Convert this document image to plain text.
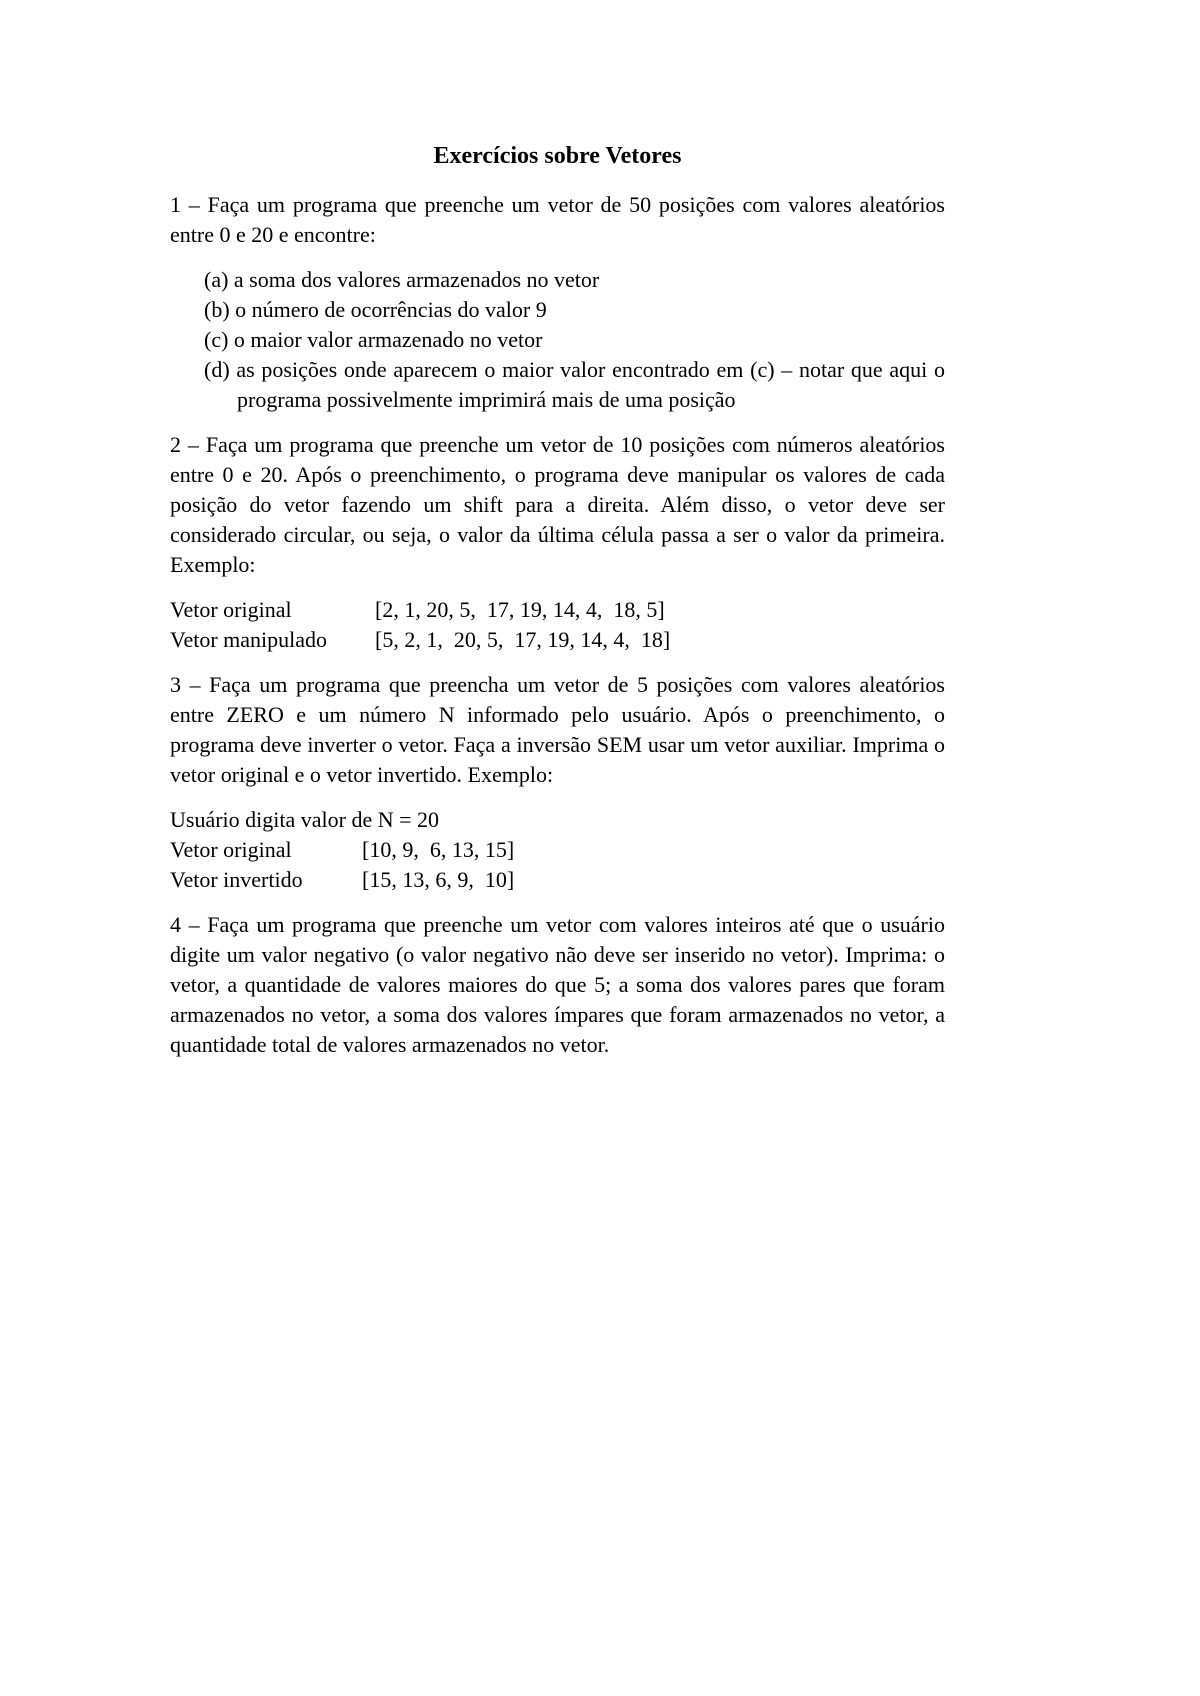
Exercícios sobre Vetores

1 – Faça um programa que preenche um vetor de 50 posições com valores aleatórios entre 0 e 20 e encontre:

(a) a soma dos valores armazenados no vetor
(b) o número de ocorrências do valor 9
(c) o maior valor armazenado no vetor
(d) as posições onde aparecem o maior valor encontrado em (c) – notar que aqui o programa possivelmente imprimirá mais de uma posição

2 – Faça um programa que preenche um vetor de 10 posições com números aleatórios entre 0 e 20. Após o preenchimento, o programa deve manipular os valores de cada posição do vetor fazendo um shift para a direita. Além disso, o vetor deve ser considerado circular, ou seja, o valor da última célula passa a ser o valor da primeira. Exemplo:

Vetor original	[2, 1, 20, 5,  17, 19, 14, 4,  18, 5]
Vetor manipulado [5, 2, 1,  20, 5,  17, 19, 14, 4,  18]

3 – Faça um programa que preencha um vetor de 5 posições com valores aleatórios entre ZERO e um número N informado pelo usuário. Após o preenchimento, o programa deve inverter o vetor. Faça a inversão SEM usar um vetor auxiliar. Imprima o vetor original e o vetor invertido. Exemplo:

Usuário digita valor de N = 20
Vetor original	[10, 9,  6, 13, 15]
Vetor invertido	[15, 13, 6, 9,  10]

4 – Faça um programa que preenche um vetor com valores inteiros até que o usuário digite um valor negativo (o valor negativo não deve ser inserido no vetor). Imprima: o vetor, a quantidade de valores maiores do que 5; a soma dos valores pares que foram armazenados no vetor, a soma dos valores ímpares que foram armazenados no vetor, a quantidade total de valores armazenados no vetor.
